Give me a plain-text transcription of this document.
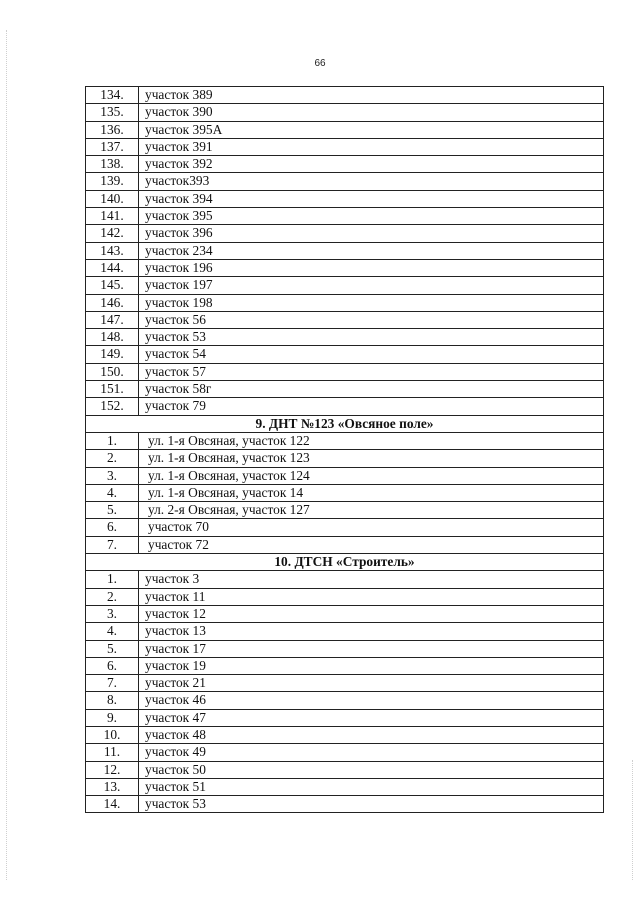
66
134.	участок 389
135.	участок 390
136.	участок 395А
137.	участок 391
138.	участок 392
139.	участок393
140.	участок 394
141.	участок 395
142.	участок 396
143.	участок 234
144.	участок 196
145.	участок 197
146.	участок 198
147.	участок 56
148.	участок 53
149.	участок 54
150.	участок 57
151.	участок 58г
152.	участок 79
9. ДНТ №123 «Овсяное поле»	
1.	ул. 1-я Овсяная, участок 122
2.	ул. 1-я Овсяная, участок 123
3.	ул. 1-я Овсяная, участок 124
4.	ул. 1-я Овсяная, участок 14
5.	ул. 2-я Овсяная, участок 127
6.	участок 70
7.	участок 72
10. ДТСН «Строитель»	
1.	участок 3
2.	участок 11
3.	участок 12
4.	участок 13
5.	участок 17
6.	участок 19
7.	участок 21
8.	участок 46
9.	участок 47
10.	участок 48
11.	участок 49
12.	участок 50
13.	участок 51
14.	участок 53
